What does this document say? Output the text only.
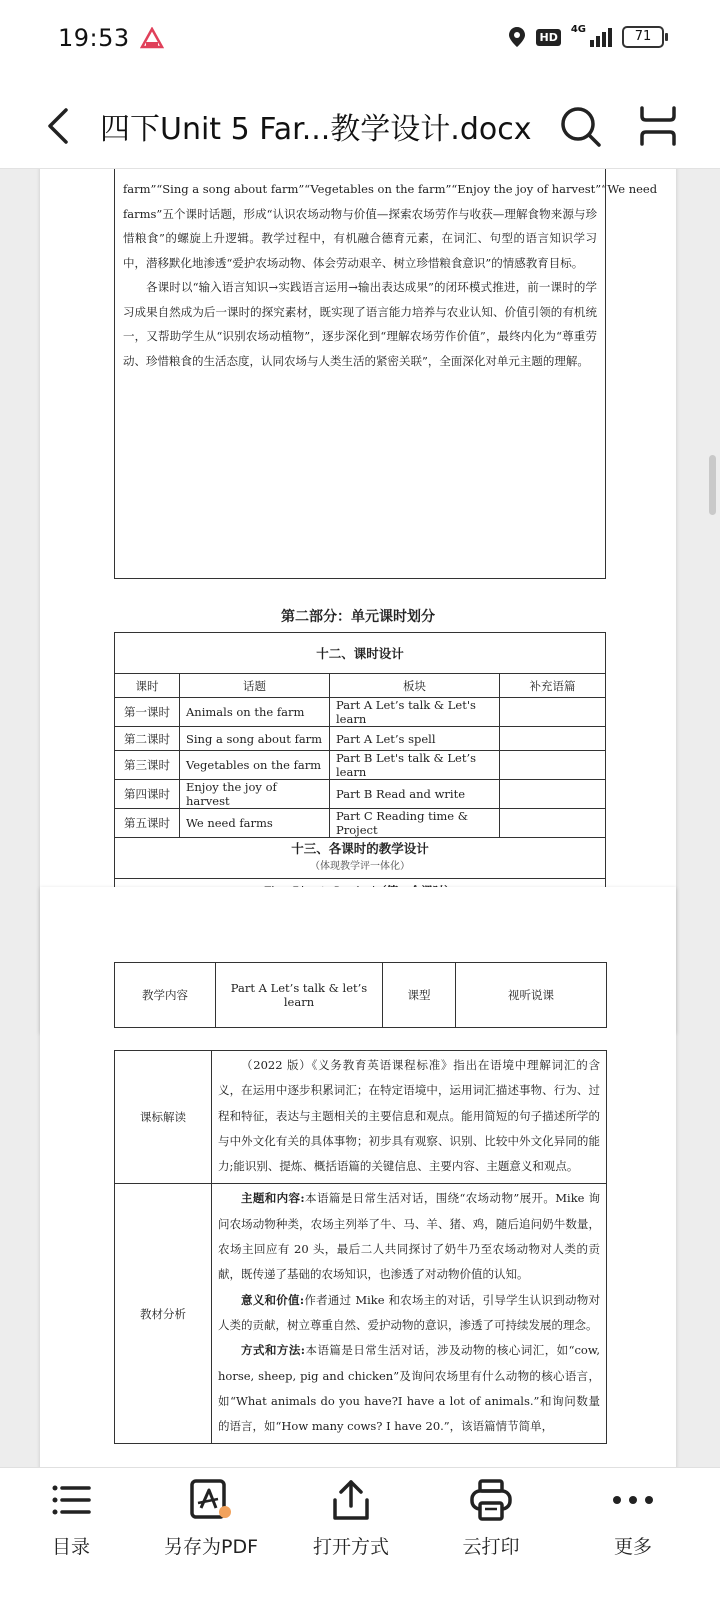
19:53	HD
4G	71
四下Unit 5 Far...教学设计.docx

farm”“Sing a song about farm”“Vegetables on the farm”“Enjoy the joy of harvest”“We need

farms”五个课时话题，形成“认识农场动物与价值—探索农场劳作与收获—理解食物来源与珍惜粮食”的螺旋上升逻辑。教学过程中，有机融合德育元素，在词汇、句型的语言知识学习中，潜移默化地渗透“爱护农场动物、体会劳动艰辛、树立珍惜粮食意识”的情感教育目标。

各课时以“输入语言知识→实践语言运用→输出表达成果”的闭环模式推进，前一课时的学习成果自然成为后一课时的探究素材，既实现了语言能力培养与农业认知、价值引领的有机统一，又帮助学生从“识别农场动植物”，逐步深化到“理解农场劳作价值”，最终内化为“尊重劳动、珍惜粮食的生活态度，认同农场与人类生活的紧密关联”，全面深化对单元主题的理解。

第二部分：单元课时划分
十二、课时设计			
课时	话题	板块	补充语篇
第一课时	Animals on the farm	Part A Let’s talk & Let's learn	
第二课时	Sing a song about farm	Part A Let’s spell	
第三课时	Vegetables on the farm	Part B Let's talk & Let’s learn	
第四课时	Enjoy the joy of harvest	Part B Read and write	
第五课时	We need farms	Part C Reading time & Project	

十三、各课时的教学设计
（体现教学评一体化）			

教学内容	Part A Let’s talk & let’s learn	课型	视听说课
课标解读	（2022 版）《义务教育英语课程标准》指出在语境中理解词汇的含义，在运用中逐步积累词汇；在特定语境中，运用词汇描述事物、行为、过程和特征，表达与主题相关的主要信息和观点。能用简短的句子描述所学的与中外文化有关的具体事物；初步具有观察、识别、比较中外文化异同的能力;能识别、提炼、概括语篇的关键信息、主要内容、主题意义和观点。

教材分析	主题和内容:本语篇是日常生活对话，围绕“农场动物”展开。Mike 询问农场动物种类，农场主列举了牛、马、羊、猪、鸡，随后追问奶牛数量，农场主回应有 20 头，最后二人共同探讨了奶牛乃至农场动物对人类的贡献，既传递了基础的农场知识，也渗透了对动物价值的认知。

意义和价值:作者通过 Mike 和农场主的对话，引导学生认识到动物对人类的贡献，树立尊重自然、爱护动物的意识，渗透了可持续发展的理念。

方式和方法:本语篇是日常生活对话，涉及动物的核心词汇，如“cow, horse, sheep, pig and chicken”及询问农场里有什么动物的核心语言，如“What animals do you have?I have a lot of animals.”和询问数量的语言，如“How many cows? I have 20.”，该语篇情节简单，

目录	另存为PDF	打开方式	云打印	更多
